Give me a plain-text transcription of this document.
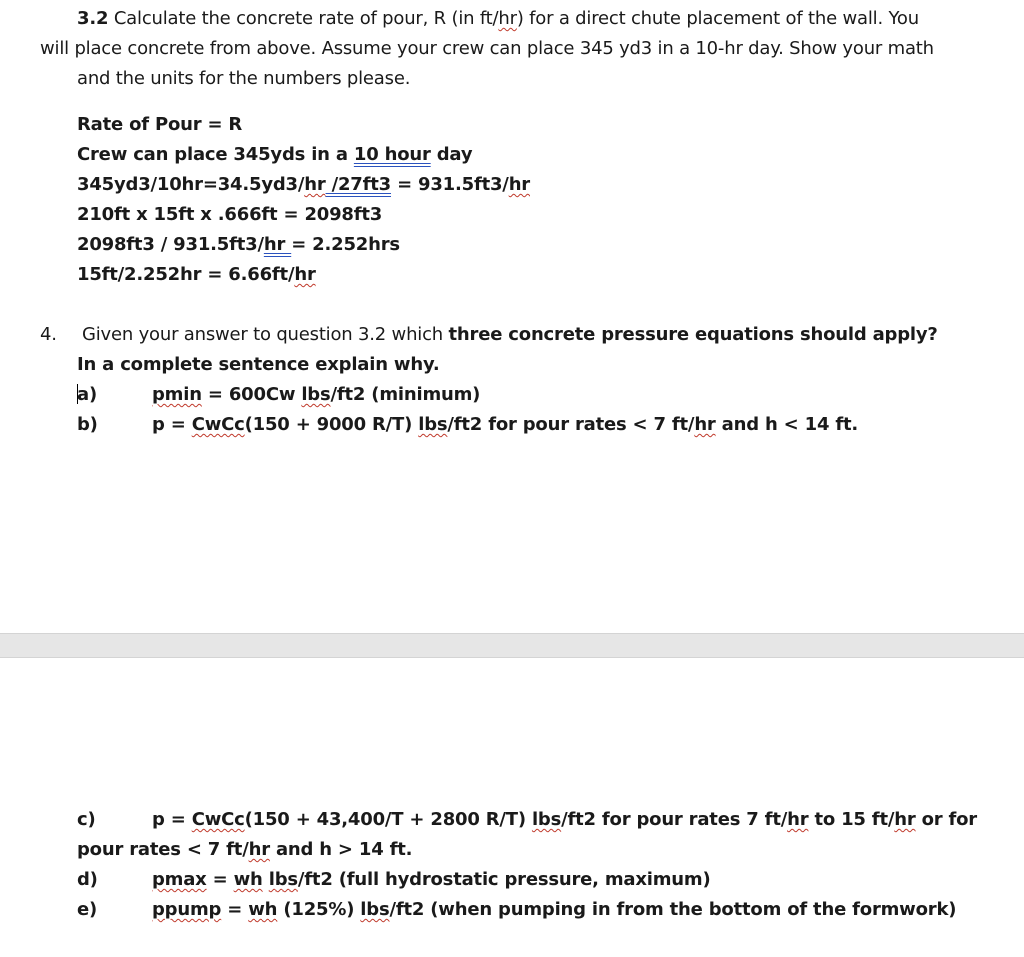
3.2 Calculate the concrete rate of pour, R (in ft/hr) for a direct chute placement of the wall. You
will place concrete from above. Assume your crew can place 345 yd3 in a 10-hr day. Show your math
and the units for the numbers please.
Rate of Pour = R
Crew can place 345yds in a 10 hour day
345yd3/10hr=34.5yd3/hr /27ft3 = 931.5ft3/hr
210ft x 15ft x .666ft = 2098ft3
2098ft3 / 931.5ft3/hr = 2.252hrs
15ft/2.252hr = 6.66ft/hr
4. Given your answer to question 3.2 which three concrete pressure equations should apply?
In a complete sentence explain why.
a)	pmin = 600Cw lbs/ft2 (minimum)
b)	p = CwCc(150 + 9000 R/T) lbs/ft2 for pour rates < 7 ft/hr and h < 14 ft.
c)	p = CwCc(150 + 43,400/T + 2800 R/T) lbs/ft2 for pour rates 7 ft/hr to 15 ft/hr or for
pour rates < 7 ft/hr and h > 14 ft.
d)	pmax = wh lbs/ft2 (full hydrostatic pressure, maximum)
e)	ppump = wh (125%) lbs/ft2 (when pumping in from the bottom of the formwork)
